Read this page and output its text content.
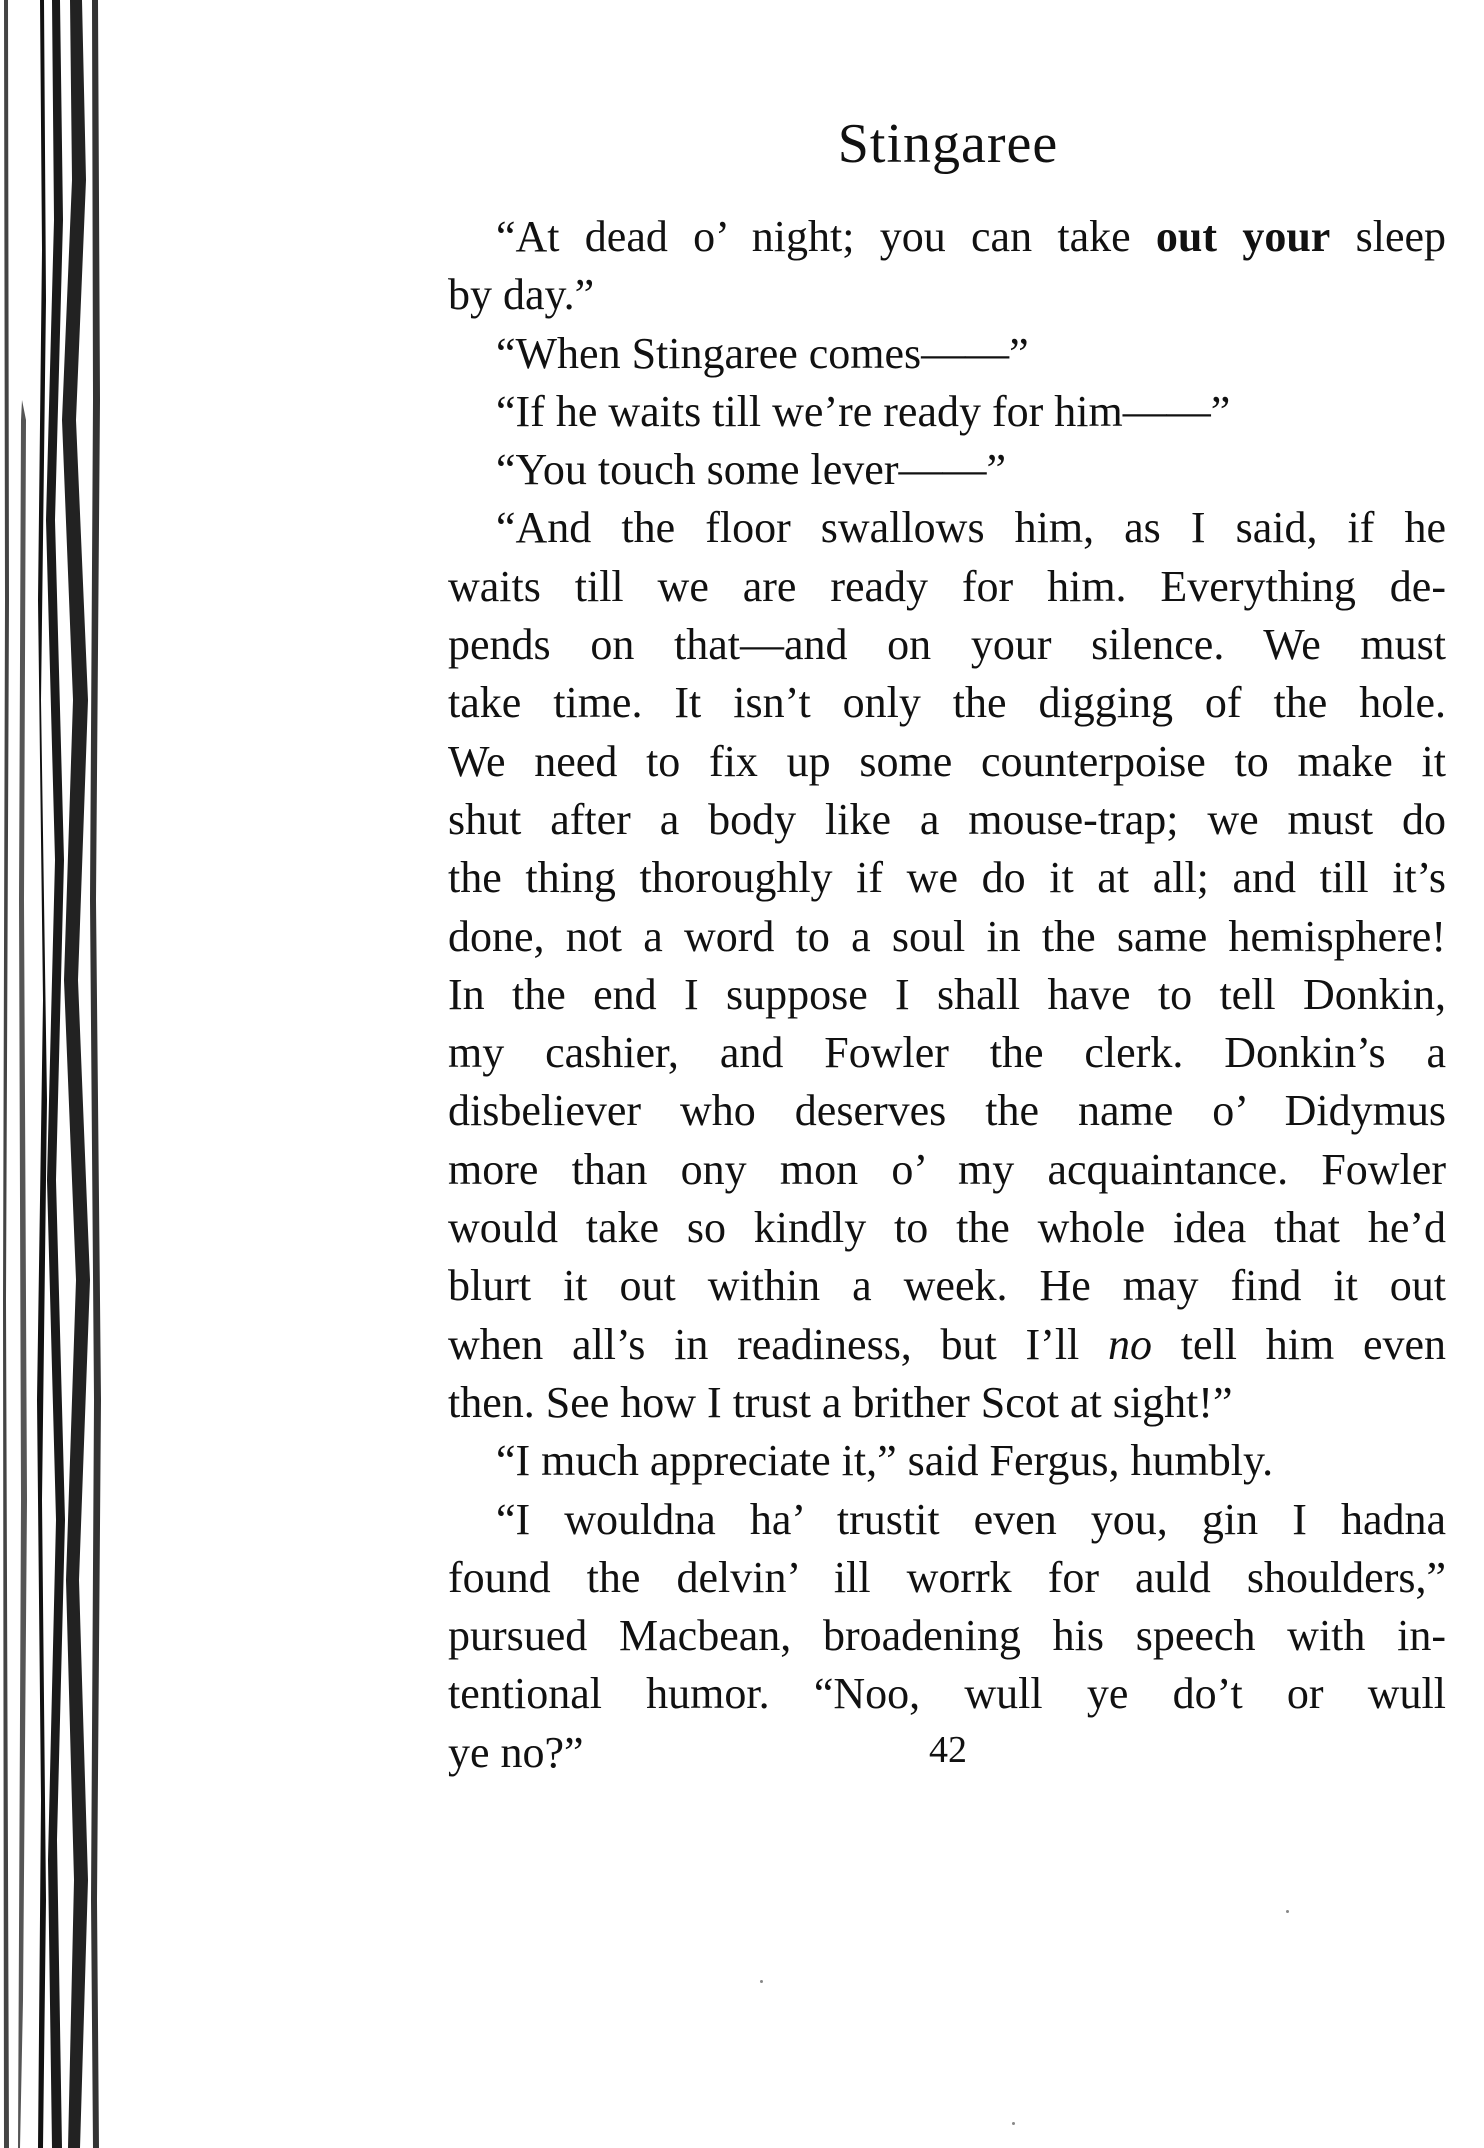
Stingaree
“At dead o’ night; you can take out your sleep
by day.”
“When Stingaree comes——”
“If he waits till we’re ready for him——”
“You touch some lever——”
“And the floor swallows him, as I said, if he
waits till we are ready for him. Everything de-
pends on that—and on your silence. We must
take time. It isn’t only the digging of the hole.
We need to fix up some counterpoise to make it
shut after a body like a mouse-trap; we must do
the thing thoroughly if we do it at all; and till it’s
done, not a word to a soul in the same hemisphere!
In the end I suppose I shall have to tell Donkin,
my cashier, and Fowler the clerk. Donkin’s a
disbeliever who deserves the name o’ Didymus
more than ony mon o’ my acquaintance. Fowler
would take so kindly to the whole idea that he’d
blurt it out within a week. He may find it out
when all’s in readiness, but I’ll no tell him even
then. See how I trust a brither Scot at sight!”
“I much appreciate it,” said Fergus, humbly.
“I wouldna ha’ trustit even you, gin I hadna
found the delvin’ ill worrk for auld shoulders,”
pursued Macbean, broadening his speech with in-
tentional humor. “Noo, wull ye do’t or wull
ye no?”	42
